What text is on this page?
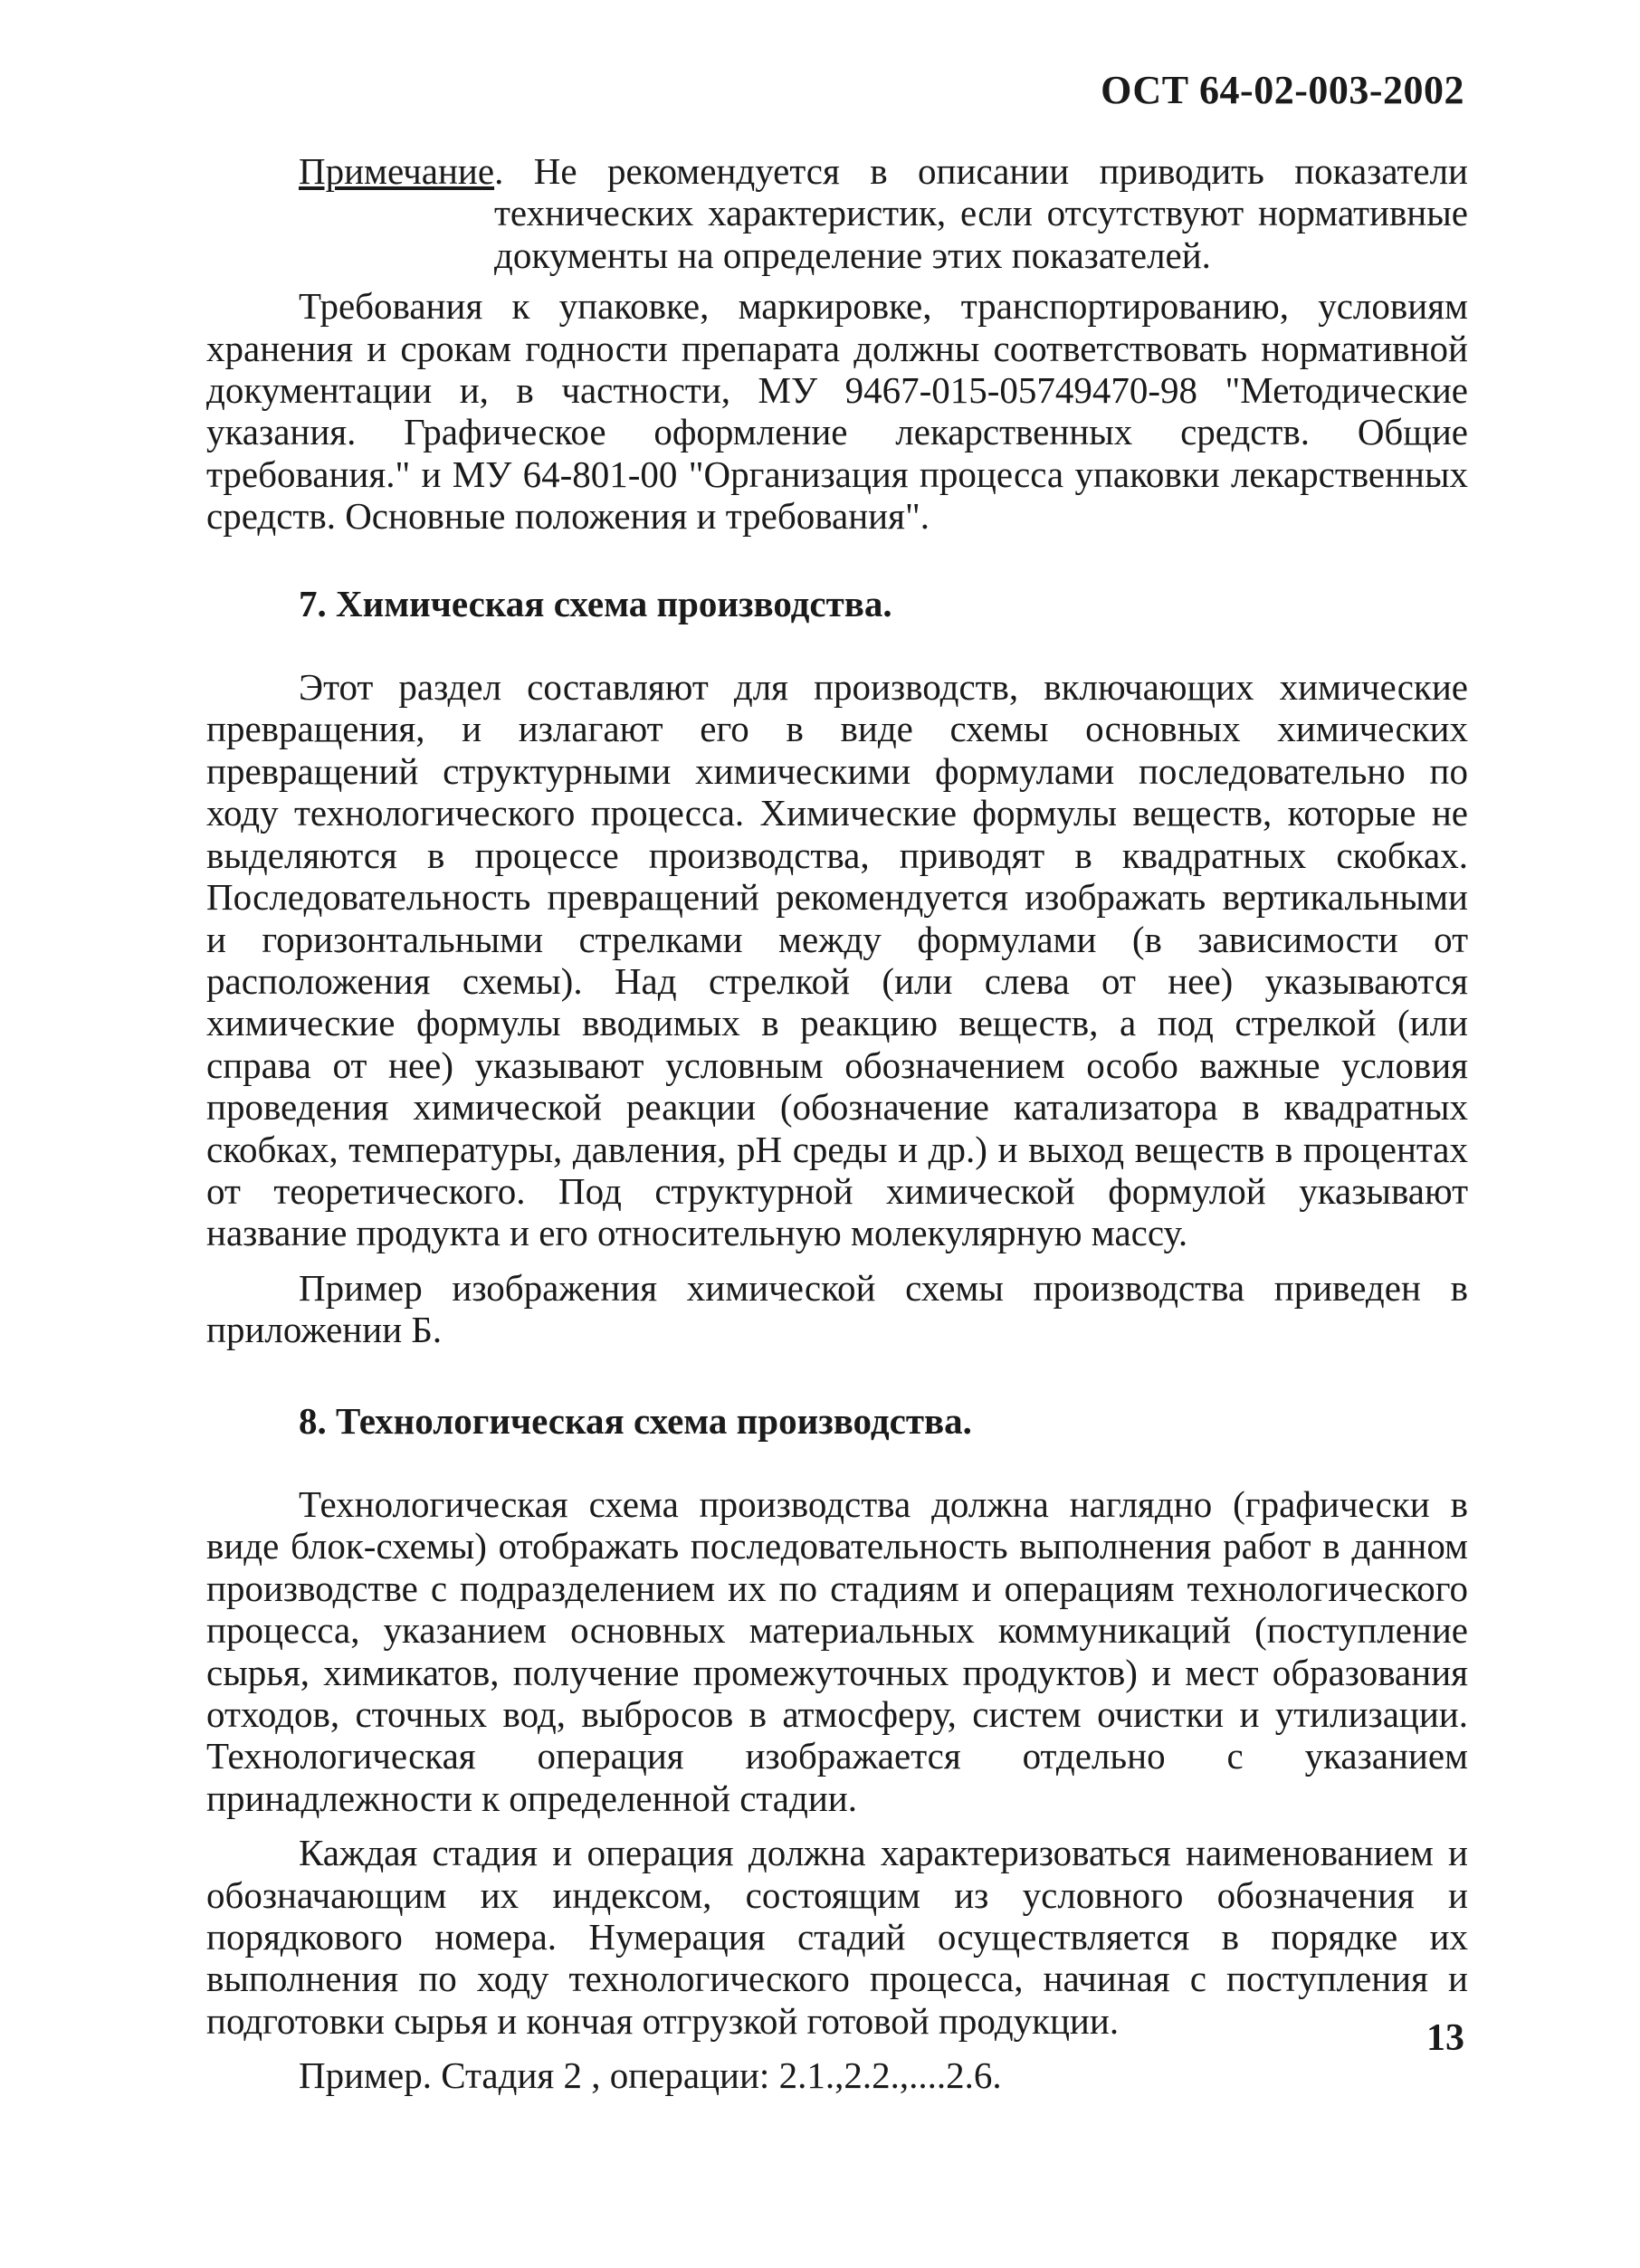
ОСТ 64-02-003-2002

Примечание. Не рекомендуется в описании приводить показатели технических характеристик, если отсутствуют нормативные документы на определение этих показателей.

Требования к упаковке, маркировке, транспортированию, условиям хранения и срокам годности препарата должны соответствовать нормативной документации и, в частности, МУ 9467-015-05749470-98 "Методические указания. Графическое оформление лекарственных средств. Общие требования." и МУ 64-801-00 "Организация процесса упаковки лекарственных средств. Основные положения и требования".

7. Химическая схема производства.

Этот раздел составляют для производств, включающих химические превращения, и излагают его в виде схемы основных химических превращений структурными химическими формулами последовательно по ходу технологического процесса. Химические формулы веществ, которые не выделяются в процессе производства, приводят в квадратных скобках. Последовательность превращений рекомендуется изображать вертикальными и горизонтальными стрелками между формулами (в зависимости от расположения схемы). Над стрелкой (или слева от нее) указываются химические формулы вводимых в реакцию веществ, а под стрелкой (или справа от нее) указывают условным обозначением особо важные условия проведения химической реакции (обозначение катализатора в квадратных скобках, температуры, давления, pH среды и др.) и выход веществ в процентах от теоретического. Под структурной химической формулой указывают название продукта и его относительную молекулярную массу.

Пример изображения химической схемы производства приведен в приложении Б.

8. Технологическая схема производства.

Технологическая схема производства должна наглядно (графически в виде блок-схемы) отображать последовательность выполнения работ в данном производстве с подразделением их по стадиям и операциям технологического процесса, указанием основных материальных коммуникаций (поступление сырья, химикатов, получение промежуточных продуктов) и мест образования отходов, сточных вод, выбросов в атмосферу, систем очистки и утилизации. Технологическая операция изображается отдельно с указанием принадлежности к определенной стадии.

Каждая стадия и операция должна характеризоваться наименованием и обозначающим их индексом, состоящим из условного обозначения и порядкового номера. Нумерация стадий осуществляется в порядке их выполнения по ходу технологического процесса, начиная с поступления и подготовки сырья и кончая отгрузкой готовой продукции.

Пример. Стадия 2 , операции: 2.1.,2.2.,....2.6.

13
